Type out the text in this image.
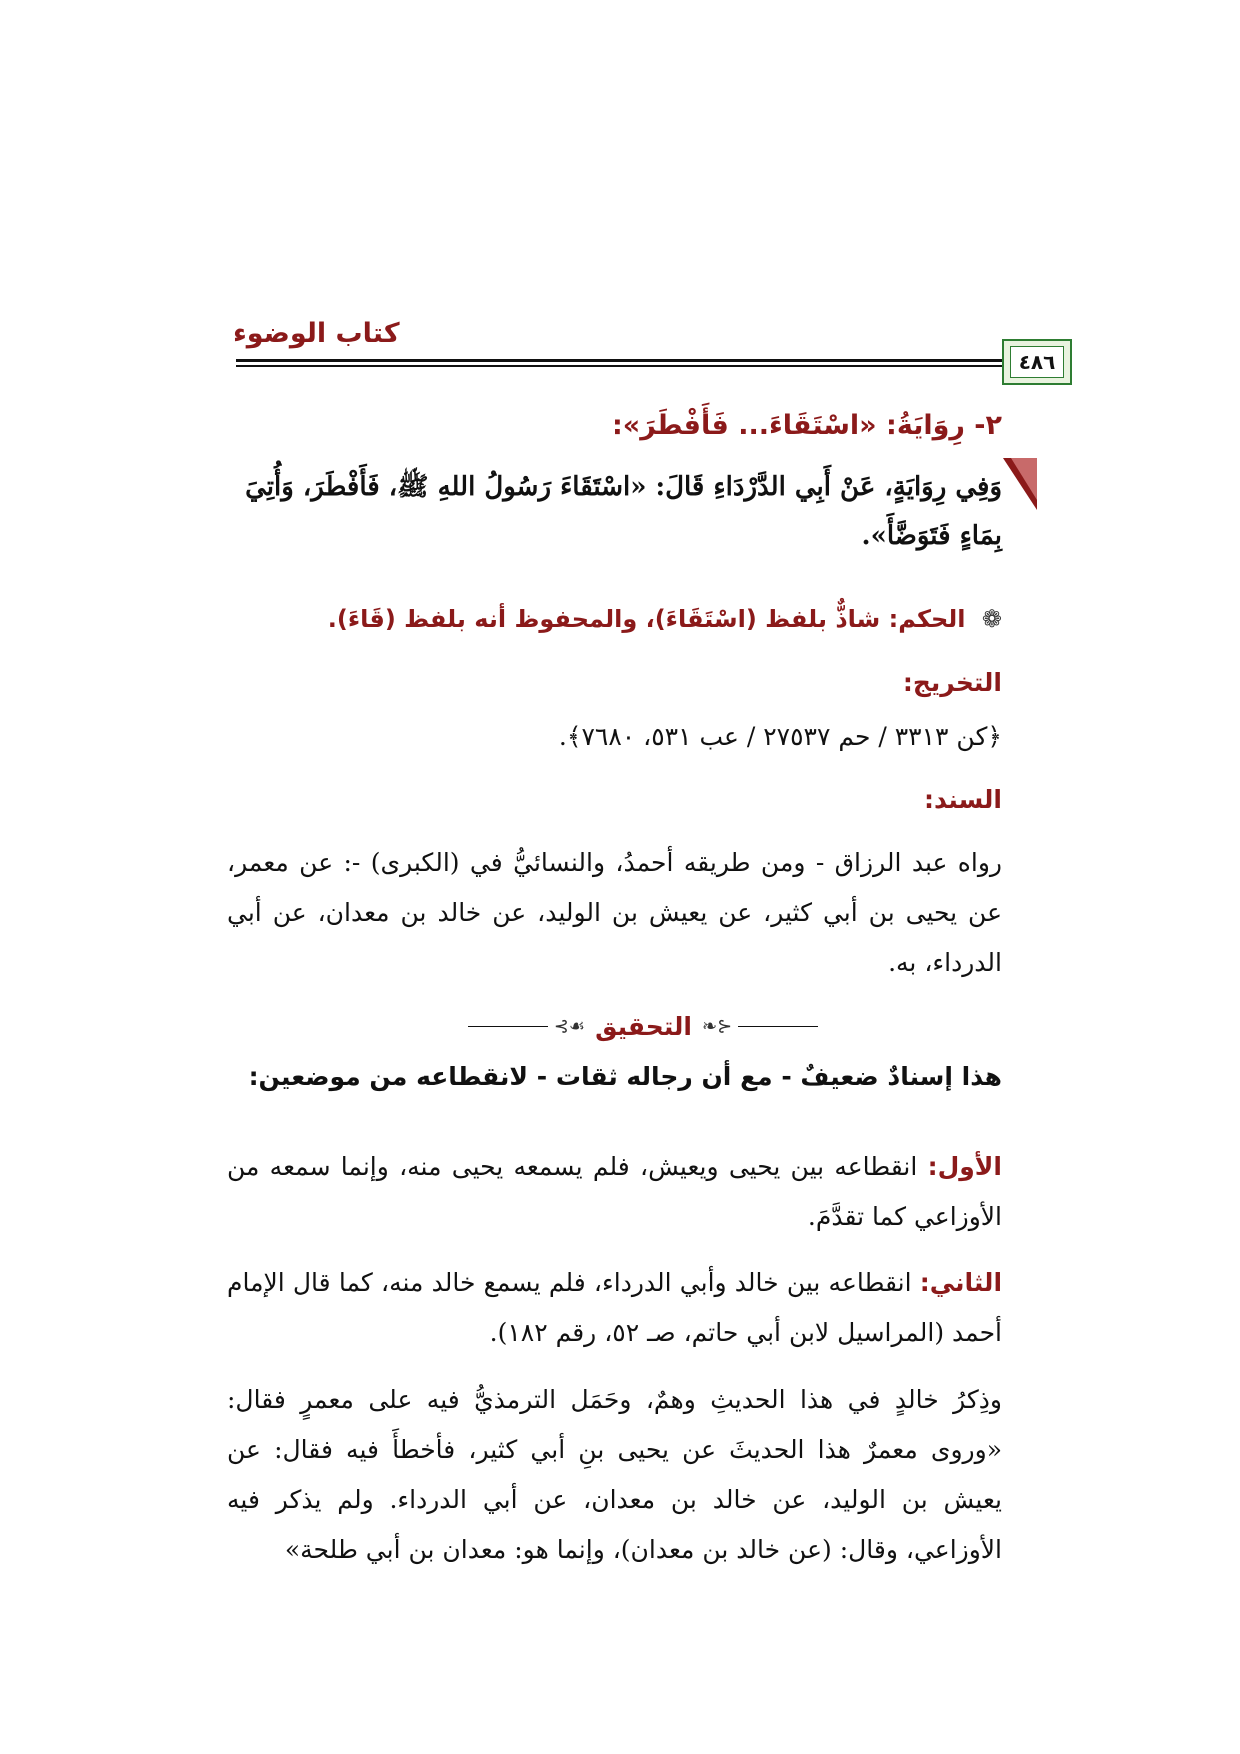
كتاب الوضوء
٤٨٦
٢- رِوَايَةُ: «اسْتَقَاءَ... فَأَفْطَرَ»:
وَفِي رِوَايَةٍ، عَنْ أَبِي الدَّرْدَاءِ قَالَ: «اسْتَقَاءَ رَسُولُ اللهِ ﷺ، فَأَفْطَرَ، وَأُتِيَ بِمَاءٍ فَتَوَضَّأَ».
❁ الحكم: شاذٌّ بلفظ (اسْتَقَاءَ)، والمحفوظ أنه بلفظ (قَاءَ).
التخريج:
﴿كن ٣٣١٣ / حم ٢٧٥٣٧ / عب ٥٣١، ٧٦٨٠﴾.
السند:
رواه عبد الرزاق - ومن طريقه أحمدُ، والنسائيُّ في (الكبرى) -: عن معمر، عن يحيى بن أبي كثير، عن يعيش بن الوليد، عن خالد بن معدان، عن أبي الدرداء، به.
⊰❧
التحقيق
☙⊱
هذا إسنادٌ ضعيفٌ - مع أن رجاله ثقات - لانقطاعه من موضعين:
الأول: انقطاعه بين يحيى ويعيش، فلم يسمعه يحيى منه، وإنما سمعه من الأوزاعي كما تقدَّمَ.
الثاني: انقطاعه بين خالد وأبي الدرداء، فلم يسمع خالد منه، كما قال الإمام أحمد (المراسيل لابن أبي حاتم، صـ ٥٢، رقم ١٨٢).
وذِكرُ خالدٍ في هذا الحديثِ وهمٌ، وحَمَل الترمذيُّ فيه على معمرٍ فقال: «وروى معمرٌ هذا الحديثَ عن يحيى بنِ أبي كثير، فأخطأَ فيه فقال: عن يعيش بن الوليد، عن خالد بن معدان، عن أبي الدرداء. ولم يذكر فيه الأوزاعي، وقال: (عن خالد بن معدان)، وإنما هو: معدان بن أبي طلحة»
